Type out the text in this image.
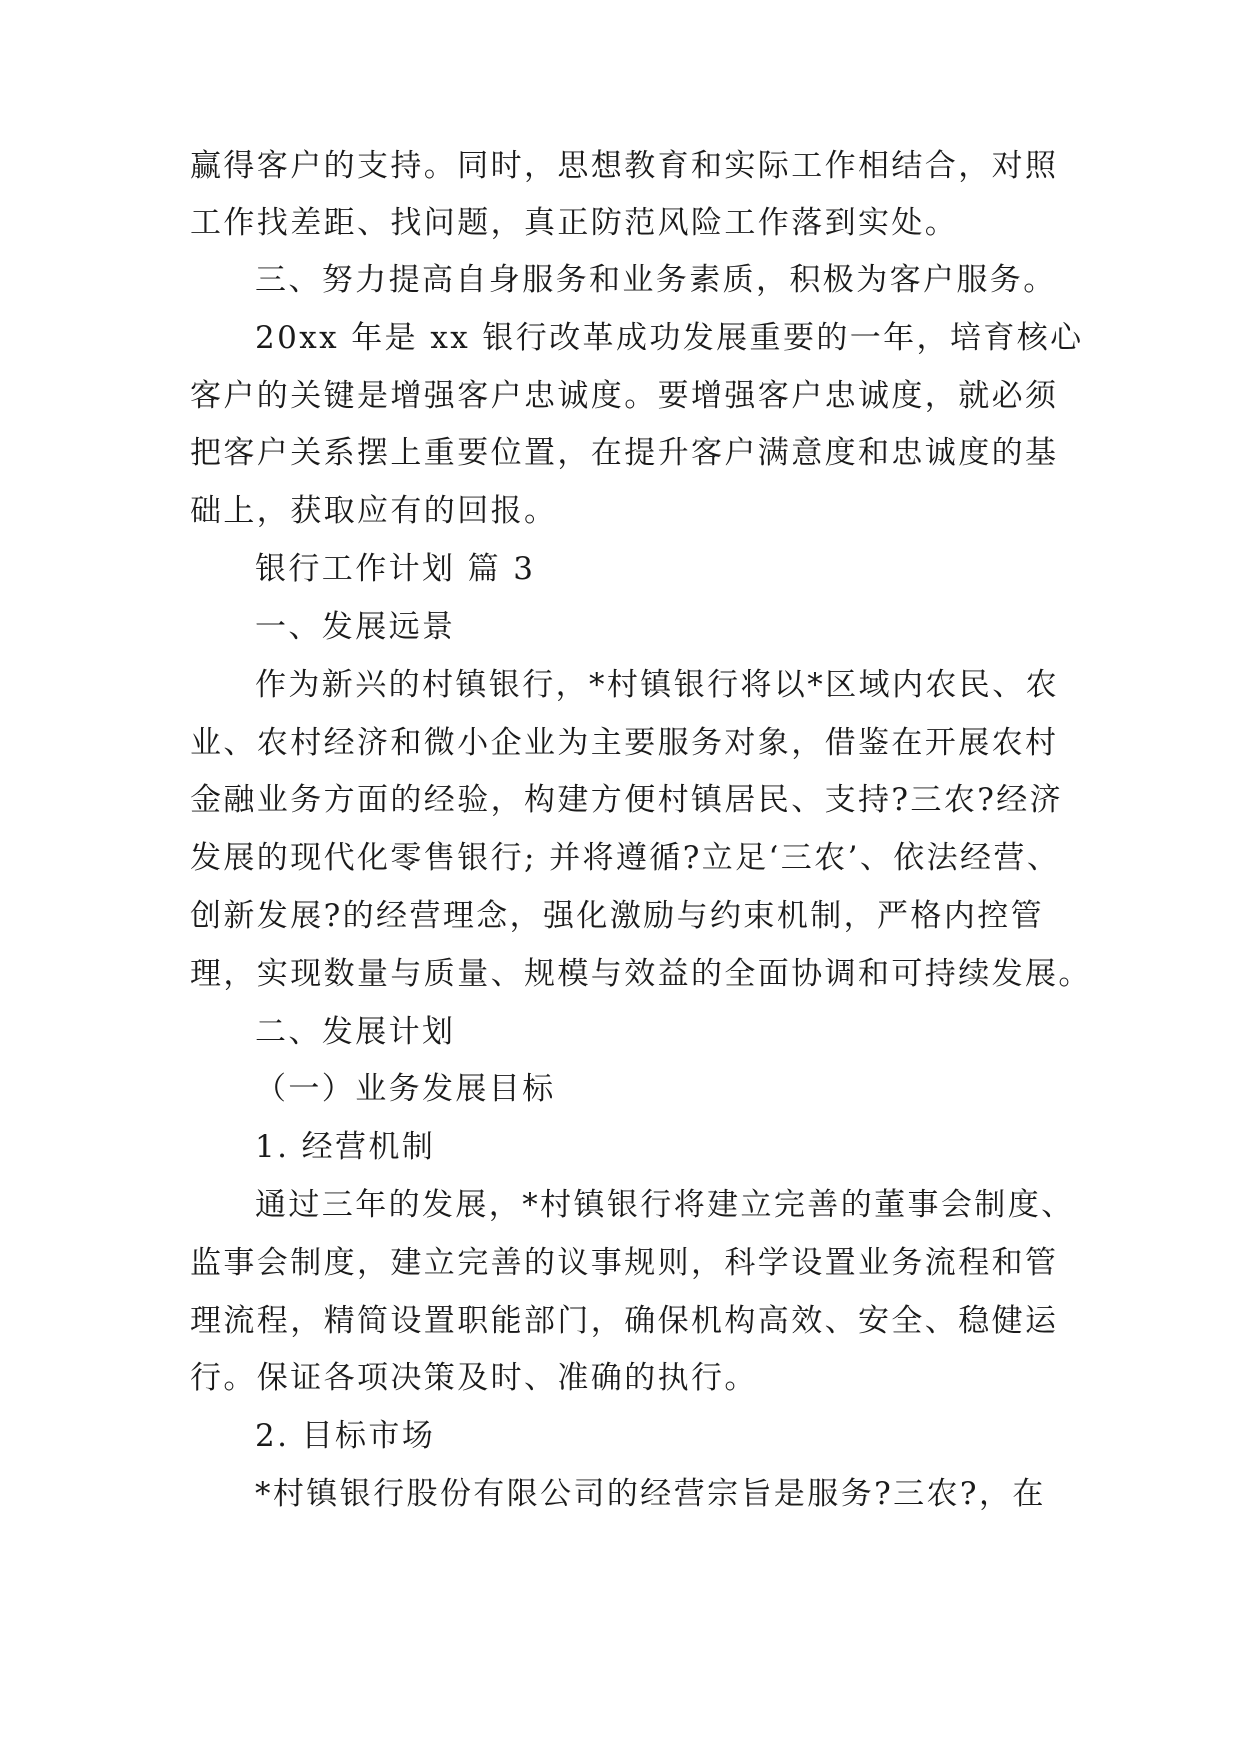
赢得客户的支持。同时，思想教育和实际工作相结合，对照
工作找差距、找问题，真正防范风险工作落到实处。
三、努力提高自身服务和业务素质，积极为客户服务。
20xx 年是 xx 银行改革成功发展重要的一年，培育核心
客户的关键是增强客户忠诚度。要增强客户忠诚度，就必须
把客户关系摆上重要位置，在提升客户满意度和忠诚度的基
础上，获取应有的回报。
银行工作计划 篇 3
一、发展远景
作为新兴的村镇银行，*村镇银行将以*区域内农民、农
业、农村经济和微小企业为主要服务对象，借鉴在开展农村
金融业务方面的经验，构建方便村镇居民、支持?三农?经济
发展的现代化零售银行; 并将遵循?立足‘三农’、依法经营、
创新发展?的经营理念，强化激励与约束机制，严格内控管
理，实现数量与质量、规模与效益的全面协调和可持续发展。
二、发展计划
（一）业务发展目标
1. 经营机制
通过三年的发展，*村镇银行将建立完善的董事会制度、
监事会制度，建立完善的议事规则，科学设置业务流程和管
理流程，精简设置职能部门，确保机构高效、安全、稳健运
行。保证各项决策及时、准确的执行。
2. 目标市场
*村镇银行股份有限公司的经营宗旨是服务?三农?，在
